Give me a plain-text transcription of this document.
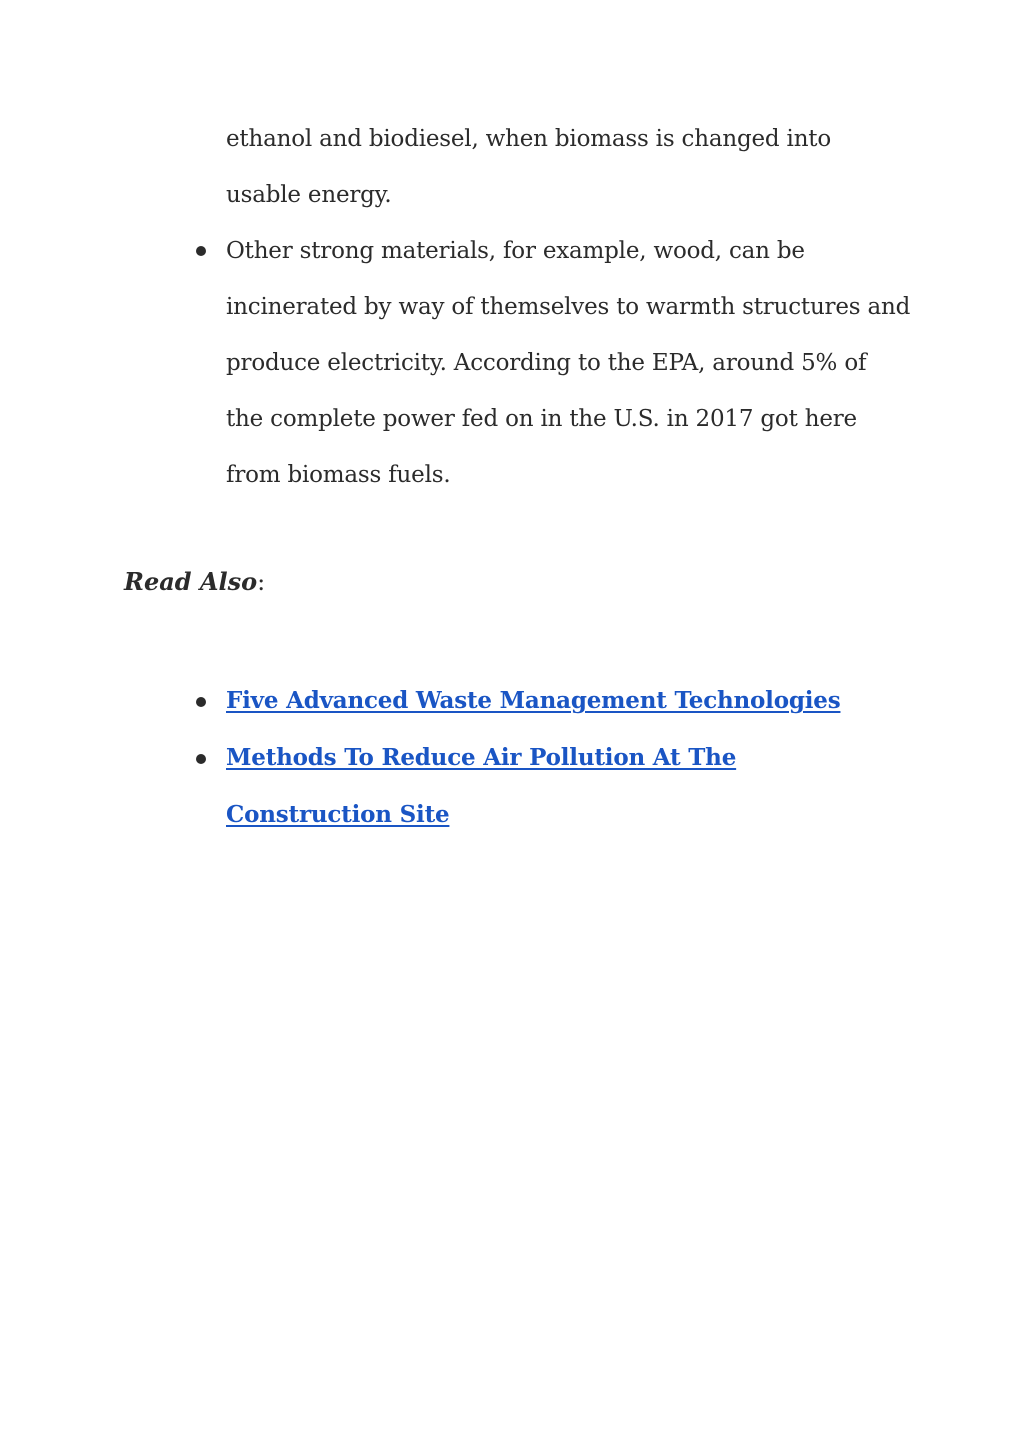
ethanol and biodiesel, when biomass is changed into
usable energy.
Other strong materials, for example, wood, can be
incinerated by way of themselves to warmth structures and
produce electricity. According to the EPA, around 5% of
the complete power fed on in the U.S. in 2017 got here
from biomass fuels.
Read Also:
Five Advanced Waste Management Technologies
Methods To Reduce Air Pollution At The
Construction Site
